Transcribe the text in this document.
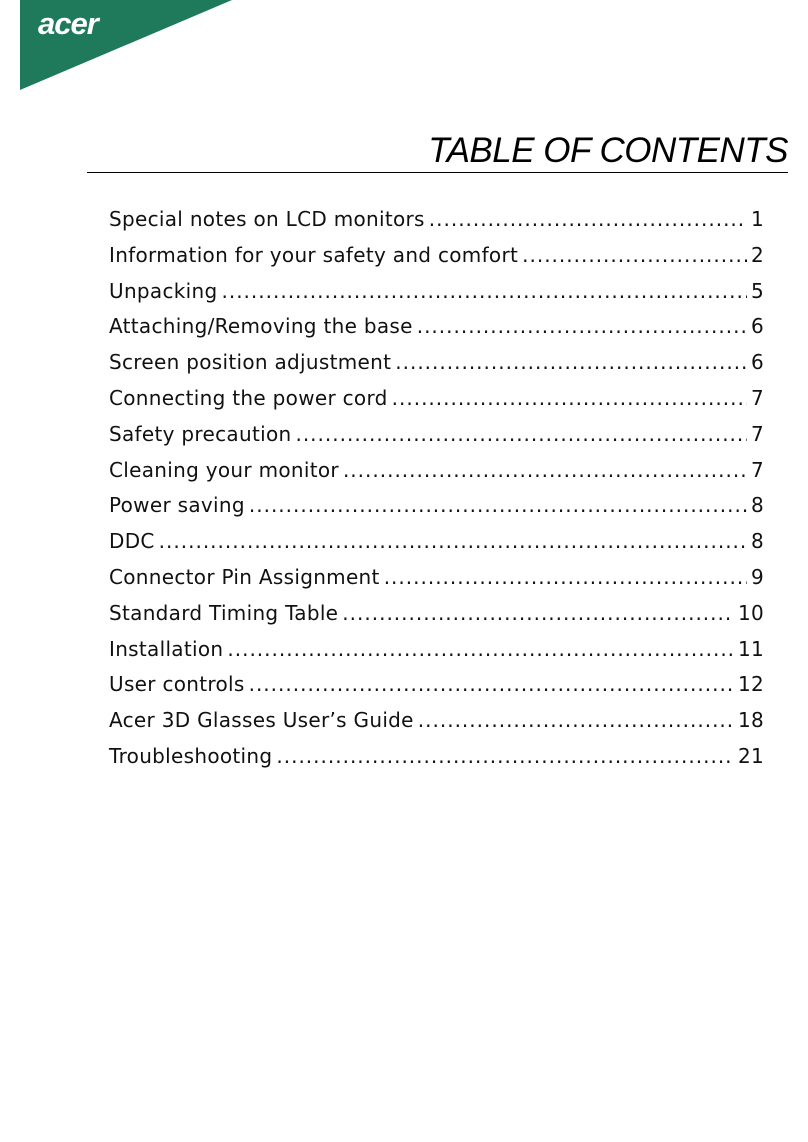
acer
TABLE OF CONTENTS
Special notes on LCD monitors .....	1
Information for your safety and comfort .....	2
Unpacking .....	5
Attaching/Removing the base .....	6
Screen position adjustment .....	6
Connecting the power cord .....	7
Safety precaution .....	7
Cleaning your monitor .....	7
Power saving .....	8
DDC .....	8
Connector Pin Assignment .....	9
Standard Timing Table .....	10
Installation .....	11
User controls .....	12
Acer 3D Glasses User’s Guide .....	18
Troubleshooting .....	21
